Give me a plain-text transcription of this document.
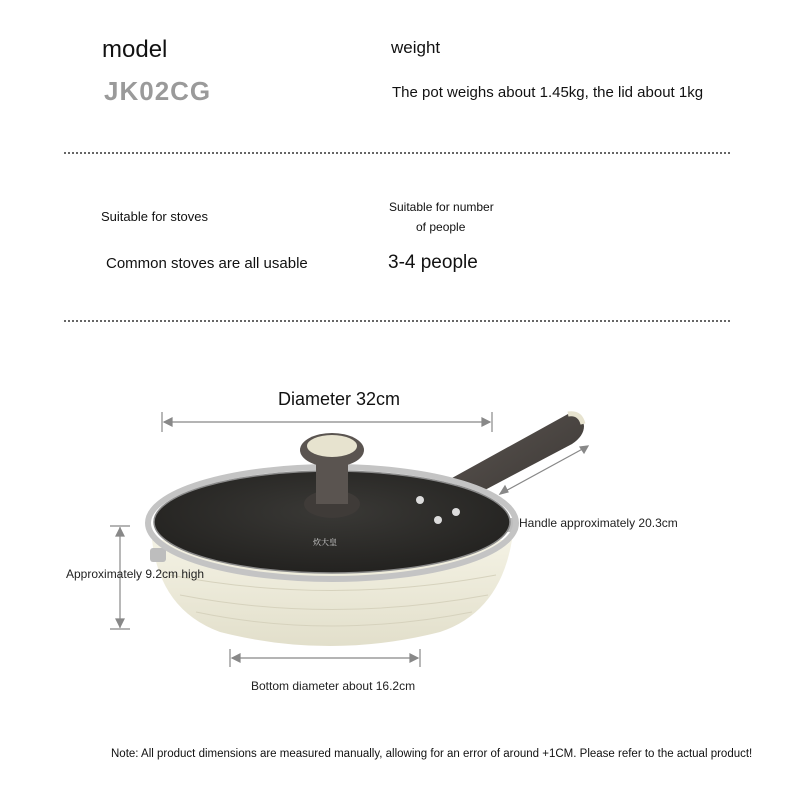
model
JK02CG
weight
The pot weighs about 1.45kg, the lid about 1kg
Suitable for stoves
Common stoves are all usable
Suitable for number
of people
3-4 people
炊大皇
Diameter 32cm
Handle approximately 20.3cm
Approximately 9.2cm high
Bottom diameter about 16.2cm
Note: All product dimensions are measured manually, allowing for an error of around +1CM. Please refer to the actual product!
